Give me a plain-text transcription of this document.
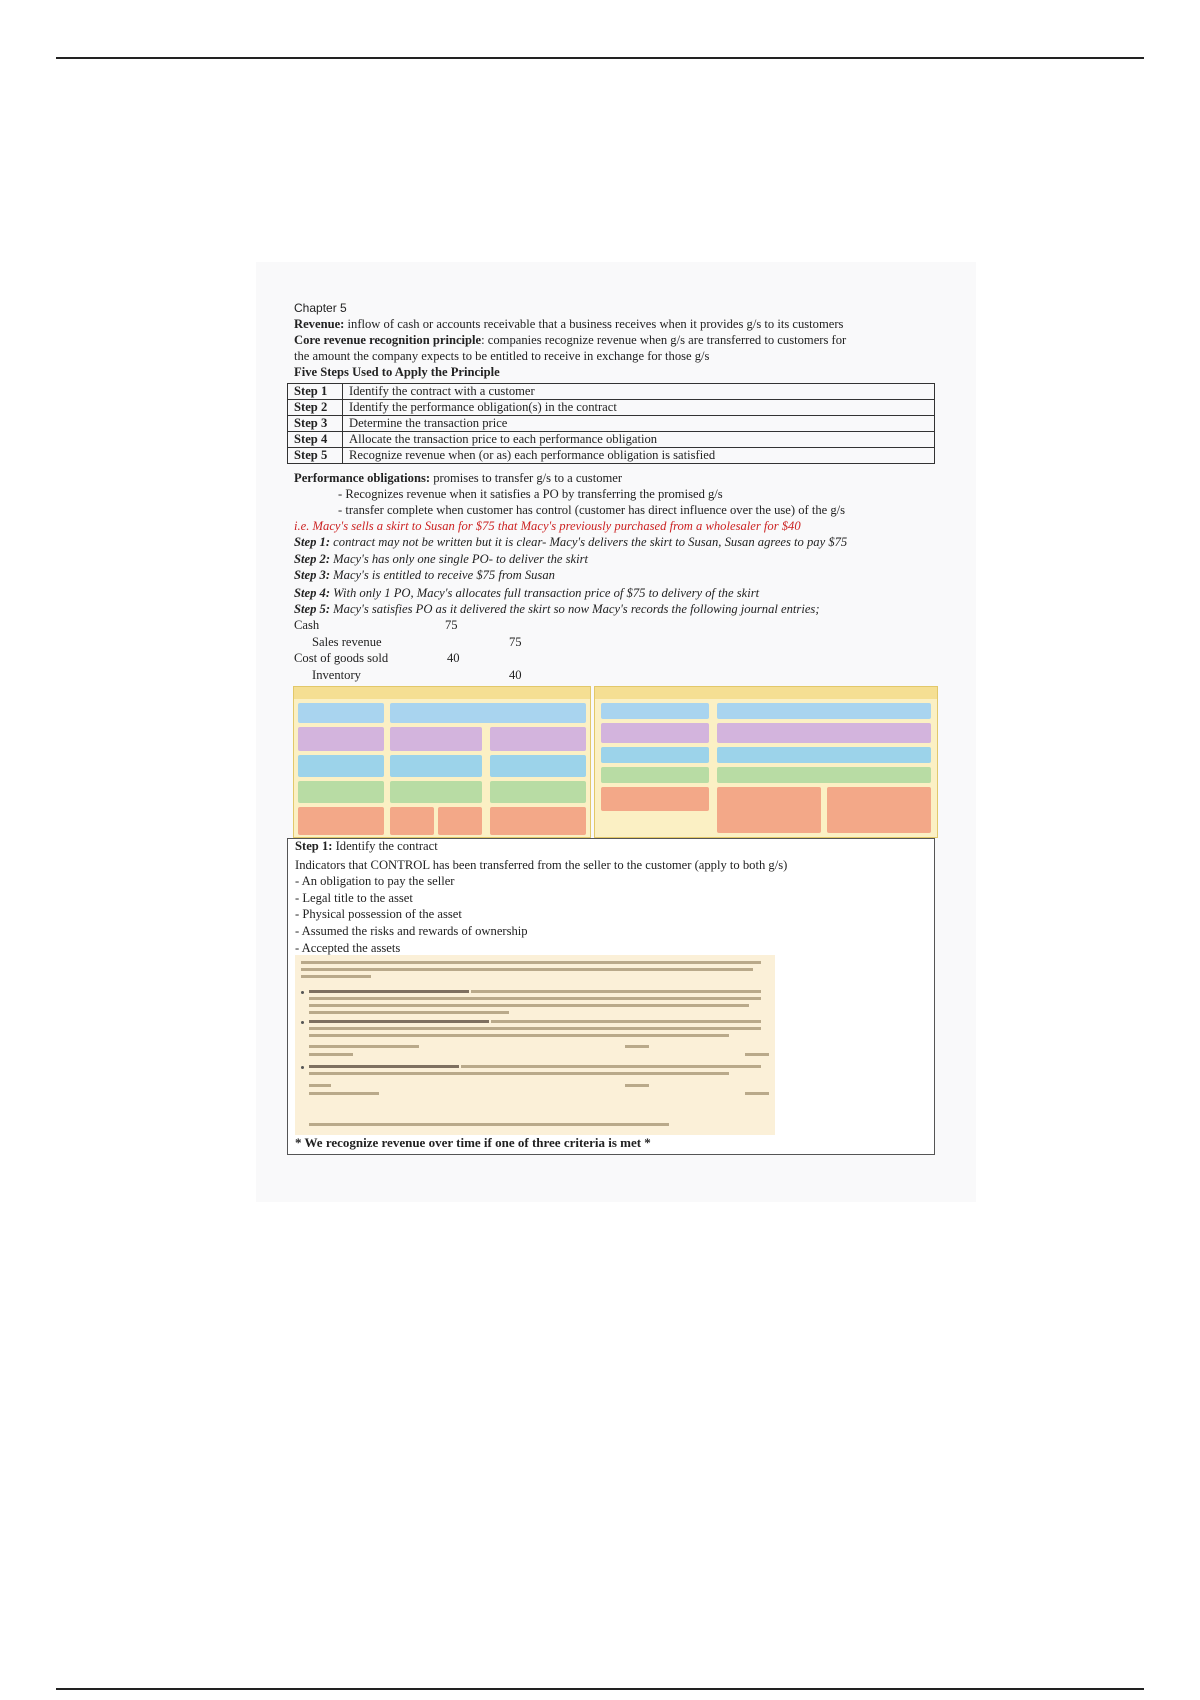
Chapter 5
Revenue: inflow of cash or accounts receivable that a business receives when it provides g/s to its customers
Core revenue recognition principle: companies recognize revenue when g/s are transferred to customers for
the amount the company expects to be entitled to receive in exchange for those g/s
Five Steps Used to Apply the Principle
Step 1	Identify the contract with a customer
Step 2	Identify the performance obligation(s) in the contract
Step 3	Determine the transaction price
Step 4	Allocate the transaction price to each performance obligation
Step 5	Recognize revenue when (or as) each performance obligation is satisfied
Performance obligations: promises to transfer g/s to a customer
- Recognizes revenue when it satisfies a PO by transferring the promised g/s
- transfer complete when customer has control (customer has direct influence over the use) of the g/s
i.e. Macy's sells a skirt to Susan for $75 that Macy's previously purchased from a wholesaler for $40
Step 1: contract may not be written but it is clear- Macy's delivers the skirt to Susan, Susan agrees to pay $75
Step 2: Macy's has only one single PO- to deliver the skirt
Step 3: Macy's is entitled to receive $75 from Susan
Step 4: With only 1 PO, Macy's allocates full transaction price of $75 to delivery of the skirt
Step 5: Macy's satisfies PO as it delivered the skirt so now Macy's records the following journal entries;
Cash	75
Sales revenue	75
Cost of goods sold	40
Inventory	40
Step 1: Identify the contract
Indicators that CONTROL has been transferred from the seller to the customer (apply to both g/s)
- An obligation to pay the seller
- Legal title to the asset
- Physical possession of the asset
- Assumed the risks and rewards of ownership
- Accepted the assets
* We recognize revenue over time if one of three criteria is met *
